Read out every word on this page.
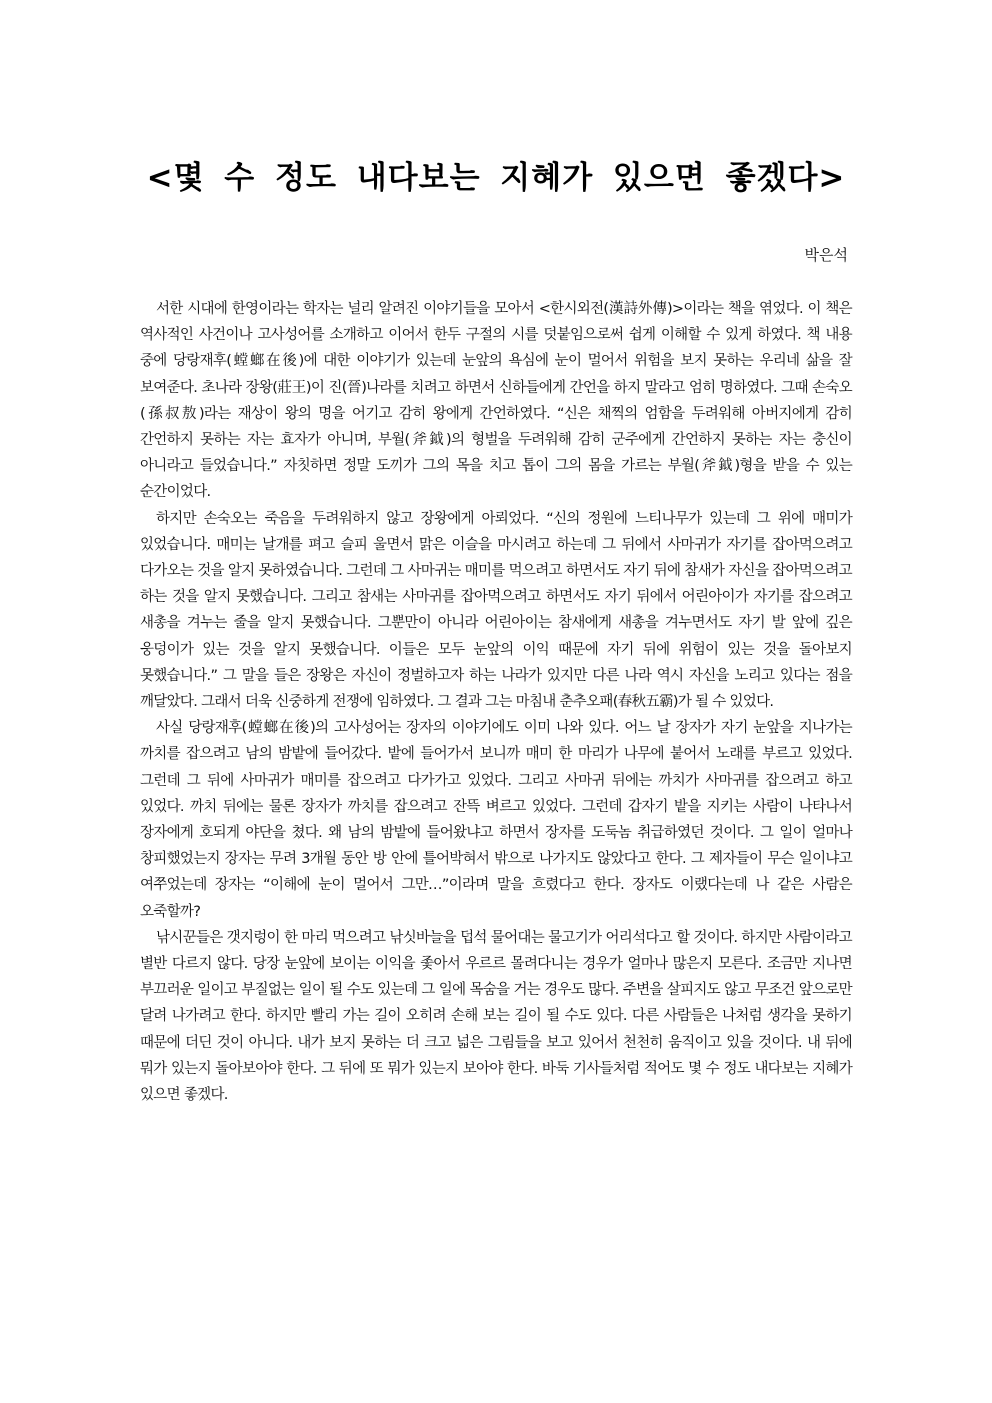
<몇 수 정도 내다보는 지혜가 있으면 좋겠다>
박은석

서한 시대에 한영이라는 학자는 널리 알려진 이야기들을 모아서 <한시외전(漢詩外傳)>이라는 책을 엮었다. 이 책은 역사적인 사건이나 고사성어를 소개하고 이어서 한두 구절의 시를 덧붙임으로써 쉽게 이해할 수 있게 하였다. 책 내용 중에 당랑재후(螳螂在後)에 대한 이야기가 있는데 눈앞의 욕심에 눈이 멀어서 위험을 보지 못하는 우리네 삶을 잘 보여준다. 초나라 장왕(莊王)이 진(晉)나라를 치려고 하면서 신하들에게 간언을 하지 말라고 엄히 명하였다. 그때 손숙오(孫叔敖)라는 재상이 왕의 명을 어기고 감히 왕에게 간언하였다. “신은 채찍의 엄함을 두려워해 아버지에게 감히 간언하지 못하는 자는 효자가 아니며, 부월(斧鉞)의 형벌을 두려워해 감히 군주에게 간언하지 못하는 자는 충신이 아니라고 들었습니다.” 자칫하면 정말 도끼가 그의 목을 치고 톱이 그의 몸을 가르는 부월(斧鉞)형을 받을 수 있는 순간이었다.

하지만 손숙오는 죽음을 두려워하지 않고 장왕에게 아뢰었다. “신의 정원에 느티나무가 있는데 그 위에 매미가 있었습니다. 매미는 날개를 펴고 슬피 울면서 맑은 이슬을 마시려고 하는데 그 뒤에서 사마귀가 자기를 잡아먹으려고 다가오는 것을 알지 못하였습니다. 그런데 그 사마귀는 매미를 먹으려고 하면서도 자기 뒤에 참새가 자신을 잡아먹으려고 하는 것을 알지 못했습니다. 그리고 참새는 사마귀를 잡아먹으려고 하면서도 자기 뒤에서 어린아이가 자기를 잡으려고 새총을 겨누는 줄을 알지 못했습니다. 그뿐만이 아니라 어린아이는 참새에게 새총을 겨누면서도 자기 발 앞에 깊은 웅덩이가 있는 것을 알지 못했습니다. 이들은 모두 눈앞의 이익 때문에 자기 뒤에 위험이 있는 것을 돌아보지 못했습니다.” 그 말을 들은 장왕은 자신이 정벌하고자 하는 나라가 있지만 다른 나라 역시 자신을 노리고 있다는 점을 깨달았다. 그래서 더욱 신중하게 전쟁에 임하였다. 그 결과 그는 마침내 춘추오패(春秋五霸)가 될 수 있었다.

사실 당랑재후(螳螂在後)의 고사성어는 장자의 이야기에도 이미 나와 있다. 어느 날 장자가 자기 눈앞을 지나가는 까치를 잡으려고 남의 밤밭에 들어갔다. 밭에 들어가서 보니까 매미 한 마리가 나무에 붙어서 노래를 부르고 있었다. 그런데 그 뒤에 사마귀가 매미를 잡으려고 다가가고 있었다. 그리고 사마귀 뒤에는 까치가 사마귀를 잡으려고 하고 있었다. 까치 뒤에는 물론 장자가 까치를 잡으려고 잔뜩 벼르고 있었다. 그런데 갑자기 밭을 지키는 사람이 나타나서 장자에게 호되게 야단을 쳤다. 왜 남의 밤밭에 들어왔냐고 하면서 장자를 도둑놈 취급하였던 것이다. 그 일이 얼마나 창피했었는지 장자는 무려 3개월 동안 방 안에 틀어박혀서 밖으로 나가지도 않았다고 한다. 그 제자들이 무슨 일이냐고 여쭈었는데 장자는 “이해에 눈이 멀어서 그만…”이라며 말을 흐렸다고 한다. 장자도 이랬다는데 나 같은 사람은 오죽할까?

낚시꾼들은 갯지렁이 한 마리 먹으려고 낚싯바늘을 덥석 물어대는 물고기가 어리석다고 할 것이다. 하지만 사람이라고 별반 다르지 않다. 당장 눈앞에 보이는 이익을 좇아서 우르르 몰려다니는 경우가 얼마나 많은지 모른다. 조금만 지나면 부끄러운 일이고 부질없는 일이 될 수도 있는데 그 일에 목숨을 거는 경우도 많다. 주변을 살피지도 않고 무조건 앞으로만 달려 나가려고 한다. 하지만 빨리 가는 길이 오히려 손해 보는 길이 될 수도 있다. 다른 사람들은 나처럼 생각을 못하기 때문에 더딘 것이 아니다. 내가 보지 못하는 더 크고 넓은 그림들을 보고 있어서 천천히 움직이고 있을 것이다. 내 뒤에 뭐가 있는지 돌아보아야 한다. 그 뒤에 또 뭐가 있는지 보아야 한다. 바둑 기사들처럼 적어도 몇 수 정도 내다보는 지혜가 있으면 좋겠다.
